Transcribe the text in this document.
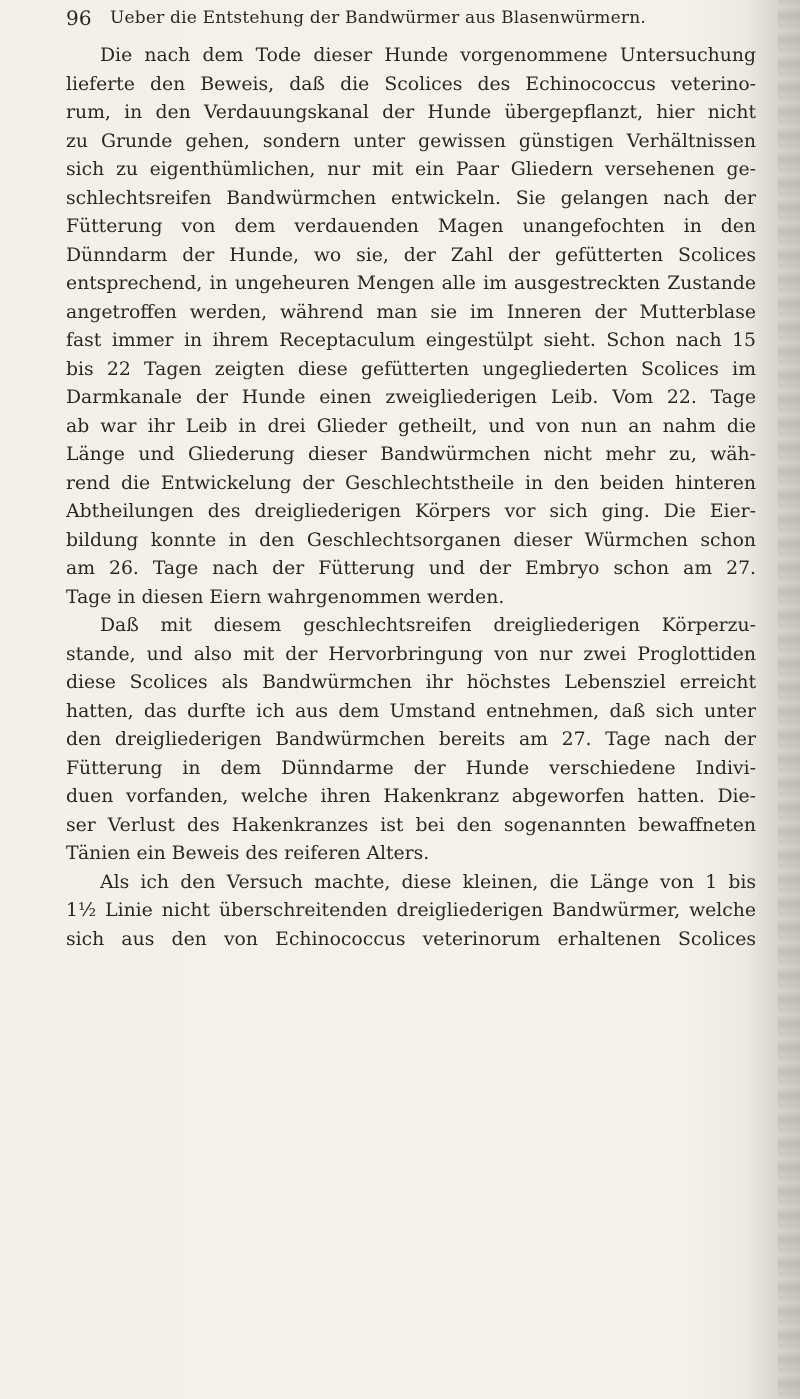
96 Ueber die Entstehung der Bandwürmer aus Blasenwürmern.
Die nach dem Tode dieser Hunde vorgenommene Untersuchung
lieferte den Beweis, daß die Scolices des Echinococcus veterino-
rum, in den Verdauungskanal der Hunde übergepflanzt, hier nicht
zu Grunde gehen, sondern unter gewissen günstigen Verhältnissen
sich zu eigenthümlichen, nur mit ein Paar Gliedern versehenen ge-
schlechtsreifen Bandwürmchen entwickeln. Sie gelangen nach der
Fütterung von dem verdauenden Magen unangefochten in den
Dünndarm der Hunde, wo sie, der Zahl der gefütterten Scolices
entsprechend, in ungeheuren Mengen alle im ausgestreckten Zustande
angetroffen werden, während man sie im Inneren der Mutterblase
fast immer in ihrem Receptaculum eingestülpt sieht. Schon nach 15
bis 22 Tagen zeigten diese gefütterten ungegliederten Scolices im
Darmkanale der Hunde einen zweigliederigen Leib. Vom 22. Tage
ab war ihr Leib in drei Glieder getheilt, und von nun an nahm die
Länge und Gliederung dieser Bandwürmchen nicht mehr zu, wäh-
rend die Entwickelung der Geschlechtstheile in den beiden hinteren
Abtheilungen des dreigliederigen Körpers vor sich ging. Die Eier-
bildung konnte in den Geschlechtsorganen dieser Würmchen schon
am 26. Tage nach der Fütterung und der Embryo schon am 27.
Tage in diesen Eiern wahrgenommen werden.
Daß mit diesem geschlechtsreifen dreigliederigen Körperzu-
stande, und also mit der Hervorbringung von nur zwei Proglottiden
diese Scolices als Bandwürmchen ihr höchstes Lebensziel erreicht
hatten, das durfte ich aus dem Umstand entnehmen, daß sich unter
den dreigliederigen Bandwürmchen bereits am 27. Tage nach der
Fütterung in dem Dünndarme der Hunde verschiedene Indivi-
duen vorfanden, welche ihren Hakenkranz abgeworfen hatten. Die-
ser Verlust des Hakenkranzes ist bei den sogenannten bewaffneten
Tänien ein Beweis des reiferen Alters.
Als ich den Versuch machte, diese kleinen, die Länge von 1 bis
1½ Linie nicht überschreitenden dreigliederigen Bandwürmer, welche
sich aus den von Echinococcus veterinorum erhaltenen Scolices
